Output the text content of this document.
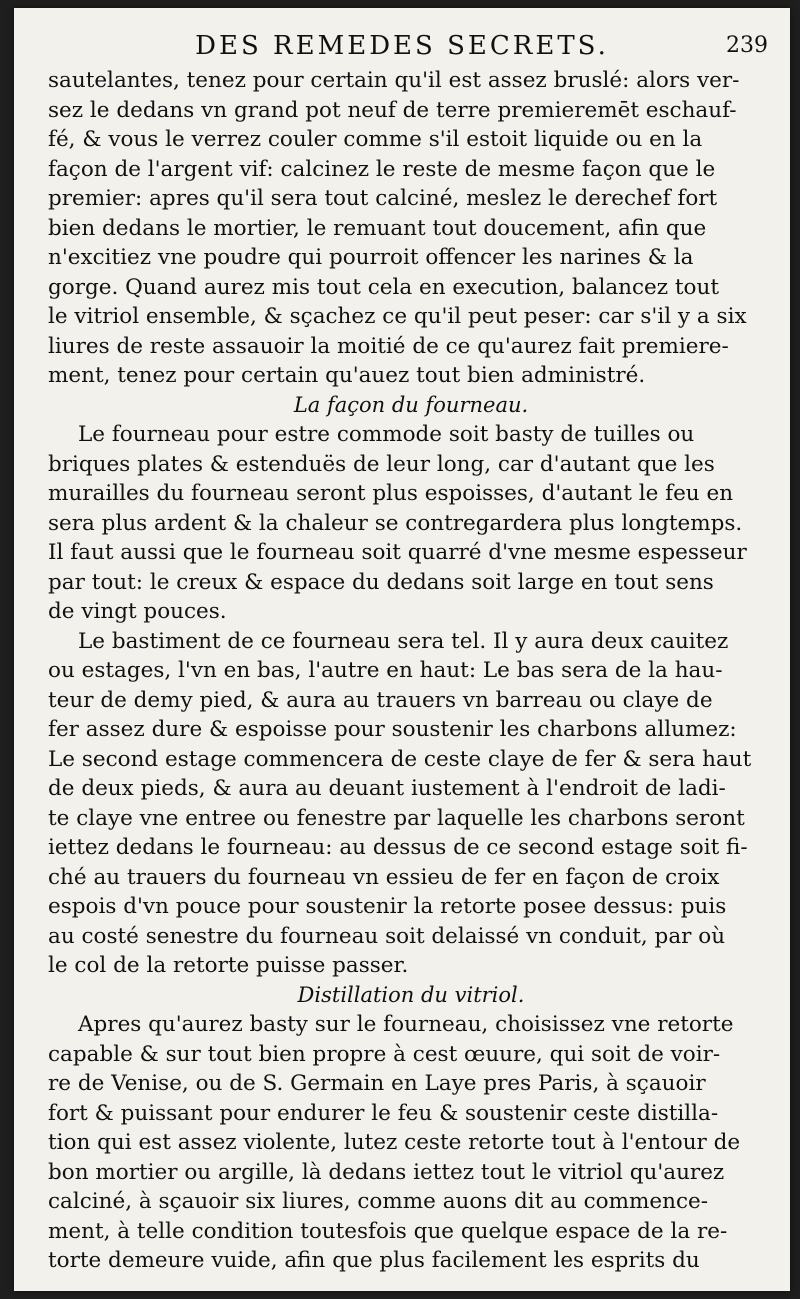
DES REMEDES SECRETS.	239
sautelantes, tenez pour certain qu'il est assez bruslé: alors ver-
sez le dedans vn grand pot neuf de terre premieremēt eschauf-
fé, & vous le verrez couler comme s'il estoit liquide ou en la
façon de l'argent vif: calcinez le reste de mesme façon que le
premier: apres qu'il sera tout calciné, meslez le derechef fort
bien dedans le mortier, le remuant tout doucement, afin que
n'excitiez vne poudre qui pourroit offencer les narines & la
gorge. Quand aurez mis tout cela en execution, balancez tout
le vitriol ensemble, & sçachez ce qu'il peut peser: car s'il y a six
liures de reste assauoir la moitié de ce qu'aurez fait premiere-
ment, tenez pour certain qu'auez tout bien administré.
La façon du fourneau.
Le fourneau pour estre commode soit basty de tuilles ou
briques plates & estenduës de leur long, car d'autant que les
murailles du fourneau seront plus espoisses, d'autant le feu en
sera plus ardent & la chaleur se contregardera plus longtemps.
Il faut aussi que le fourneau soit quarré d'vne mesme espesseur
par tout: le creux & espace du dedans soit large en tout sens
de vingt pouces.
Le bastiment de ce fourneau sera tel. Il y aura deux cauitez
ou estages, l'vn en bas, l'autre en haut: Le bas sera de la hau-
teur de demy pied, & aura au trauers vn barreau ou claye de
fer assez dure & espoisse pour soustenir les charbons allumez:
Le second estage commencera de ceste claye de fer & sera haut
de deux pieds, & aura au deuant iustement à l'endroit de ladi-
te claye vne entree ou fenestre par laquelle les charbons seront
iettez dedans le fourneau: au dessus de ce second estage soit fi-
ché au trauers du fourneau vn essieu de fer en façon de croix
espois d'vn pouce pour soustenir la retorte posee dessus: puis
au costé senestre du fourneau soit delaissé vn conduit, par où
le col de la retorte puisse passer.
Distillation du vitriol.
Apres qu'aurez basty sur le fourneau, choisissez vne retorte
capable & sur tout bien propre à cest œuure, qui soit de voir-
re de Venise, ou de S. Germain en Laye pres Paris, à sçauoir
fort & puissant pour endurer le feu & soustenir ceste distilla-
tion qui est assez violente, lutez ceste retorte tout à l'entour de
bon mortier ou argille, là dedans iettez tout le vitriol qu'aurez
calciné, à sçauoir six liures, comme auons dit au commence-
ment, à telle condition toutesfois que quelque espace de la re-
torte demeure vuide, afin que plus facilement les esprits du
